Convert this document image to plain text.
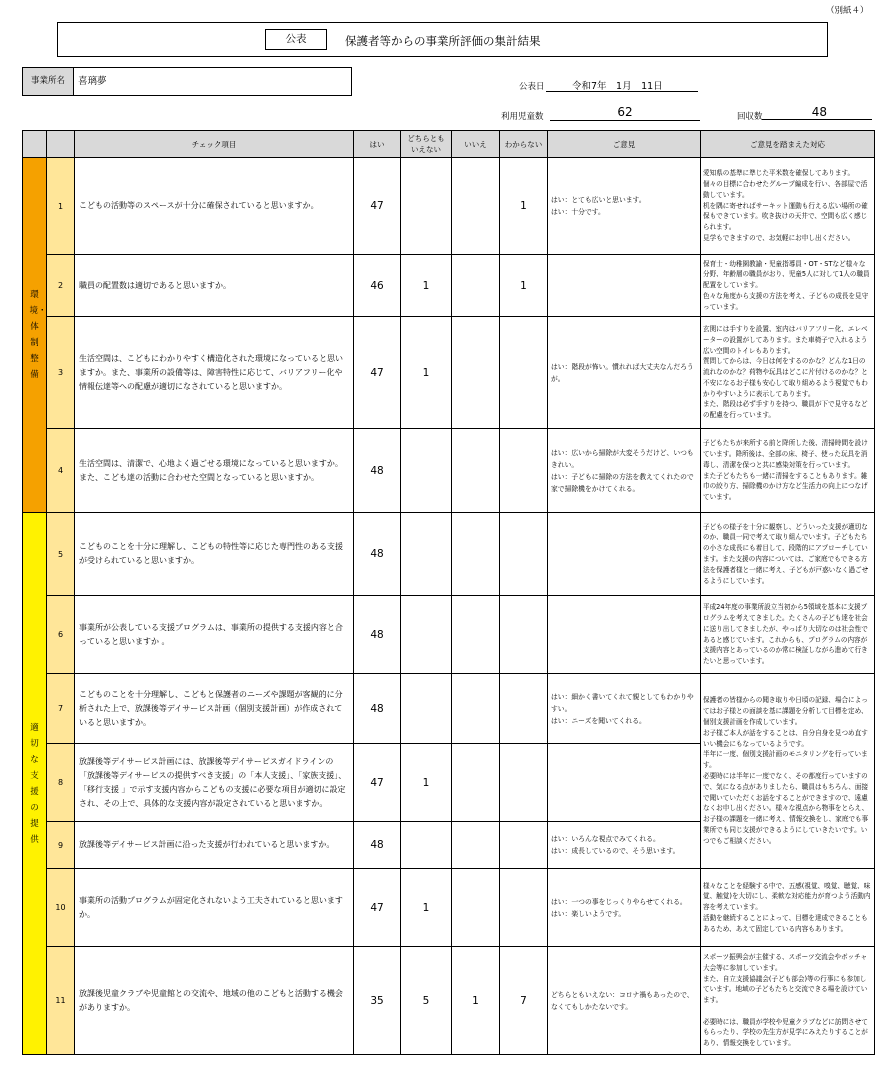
（別紙４）
公表	保護者等からの事業所評価の集計結果
事業所名	喜璃夢	公表日	令和7年　1月　11日
利用児童数	62	回収数	48
		チェック項目	はい	どちらとも
いえない	いいえ	わからない	ご意見	ご意見を踏まえた対応
環境・体制整備	1	こどもの活動等のスペースが十分に確保されていると思いますか。	47			1	はい：とても広いと思います。
はい：十分です。	愛知県の基準に準じた平米数を確保してあります。
個々の目標に合わせたグループ編成を行い、各部屋で活動しています。
机を隅に寄せればサーキット運動も行える広い場所の確保もできています。吹き抜けの天井で、空間も広く感じられます。
見学もできますので、お気軽にお申し出ください。
	2	職員の配置数は適切であると思いますか。	46	1		1		保育士・幼稚園教諭・児童指導員・OT・STなど様々な分野、年齢層の職員がおり、児童5人に対して1人の職員配置をしています。
色々な角度から支援の方法を考え、子どもの成長を見守っています。
	3	生活空間は、こどもにわかりやすく構造化された環境になっていると思いますか。また、事業所の設備等は、障害特性に応じて、バリアフリー化や情報伝達等への配慮が適切になされていると思いますか。	47	1			はい：階段が怖い。慣れれば大丈夫なんだろうが。	玄関には手すりを設置、室内はバリアフリー化、エレベーターの設置がしてあります。また車椅子で入れるよう広い空間のトイレもあります。
質問してからは、今日は何をするのかな？どんな1日の流れなのかな？荷物や玩具はどこに片付けるのかな？と不安になるお子様も安心して取り組めるよう視覚でもわかりやすいように表示してあります。
また、階段は必ず手すりを持つ、職員が下で見守るなどの配慮を行っています。
	4	生活空間は、清潔で、心地よく過ごせる環境になっていると思いますか。また、こども達の活動に合わせた空間となっていると思いますか。	48				はい：広いから掃除が大変そうだけど、いつもきれい。
はい：子どもに掃除の方法を教えてくれたので家で掃除機をかけてくれる。	子どもたちが来所する前と降所した後、清掃時間を設けています。降所後は、全部の床、椅子、使った玩具を消毒し、清潔を保つと共に感染対策を行っています。
また子どもたちも一緒に清掃をすることもあります。雑巾の絞り方、掃除機のかけ方など生活力の向上につなげています。
適切な支援の提供	5	こどものことを十分に理解し、こどもの特性等に応じた専門性のある支援が受けられていると思いますか。	48					子どもの様子を十分に観察し、どういった支援が適切なのか、職員一同で考えて取り組んでいます。子どもたちの小さな成長にも着目して、段階的にアプローチしています。また支援の内容については、ご家庭でもできる方法を保護者様と一緒に考え、子どもが戸惑いなく過ごせるようにしています。
	6	事業所が公表している支援プログラムは、事業所の提供する支援内容と合っていると思いますか 。	48					平成24年度の事業所設立当初から5領域を基本に支援プログラムを考えてきました。たくさんの子ども達を社会に送り出してきましたが、やっぱり大切なのは社会性であると感じています。これからも、プログラムの内容が支援内容とあっているのか常に検証しながら進めて行きたいと思っています。
	7	こどものことを十分理解し、こどもと保護者のニーズや課題が客観的に分析された上で、放課後等デイサービス計画（個別支援計画）が作成されていると思いますか。	48				はい：細かく書いてくれて親としてもわかりやすい。
はい：ニーズを聞いてくれる。	保護者の皆様からの聞き取りや日頃の記録、場合によってはお子様との面談を基に課題を分析して目標を定め、個別支援計画を作成しています。
お子様ご本人が話をすることは、自分自身を見つめ直すいい機会にもなっているようです。
半年に一度、個別支援計画のモニタリングを行っています。
必要時には半年に一度でなく、その都度行っていますので、気になる点がありましたら、職員はもちろん、面接で聞いていただくお話をすることができますので、遠慮なくお申し出ください。様々な視点から物事をとらえ、お子様の課題を一緒に考え、情報交換をし、家庭でも事業所でも同じ支援ができるようにしていきたいです。いつでもご相談ください。
	8	放課後等デイサービス計画には、放課後等デイサービスガイドラインの「放課後等デイサービスの提供すべき支援」の「本人支援」、「家族支援」、「移行支援 」で示す支援内容からこどもの支援に必要な項目が適切に設定され、その上で、具体的な支援内容が設定されていると思いますか。	47	1				
	9	放課後等デイサービス計画に沿った支援が行われていると思いますか。	48				はい：いろんな視点でみてくれる。
はい：成長しているので、そう思います。	
	10	事業所の活動プログラムが固定化されないよう工夫されていると思いますか。	47	1			はい：一つの事をじっくりやらせてくれる。
はい：楽しいようです。	様々なことを経験する中で、五感(視覚、嗅覚、聴覚、味覚、触覚)を大切にし、柔軟な対応能力が育つよう活動内容を考えています。
活動を継続することによって、目標を達成できることもあるため、あえて固定している内容もあります。
	11	放課後児童クラブや児童館との交流や、地域の他のこどもと活動する機会がありますか。	35	5	1	7	どちらともいえない：コロナ禍もあったので、なくてもしかたないです。	スポーツ振興会が主催する、スポーツ交流会やボッチャ大会等に参加しています。
また、自立支援協議会(子ども部会)等の行事にも参加しています。地域の子どもたちと交流できる場を設けています。

必要時には、職員が学校や児童クラブなどに訪問させてもらったり、学校の先生方が見学にみえたりすることがあり、情報交換をしています。
